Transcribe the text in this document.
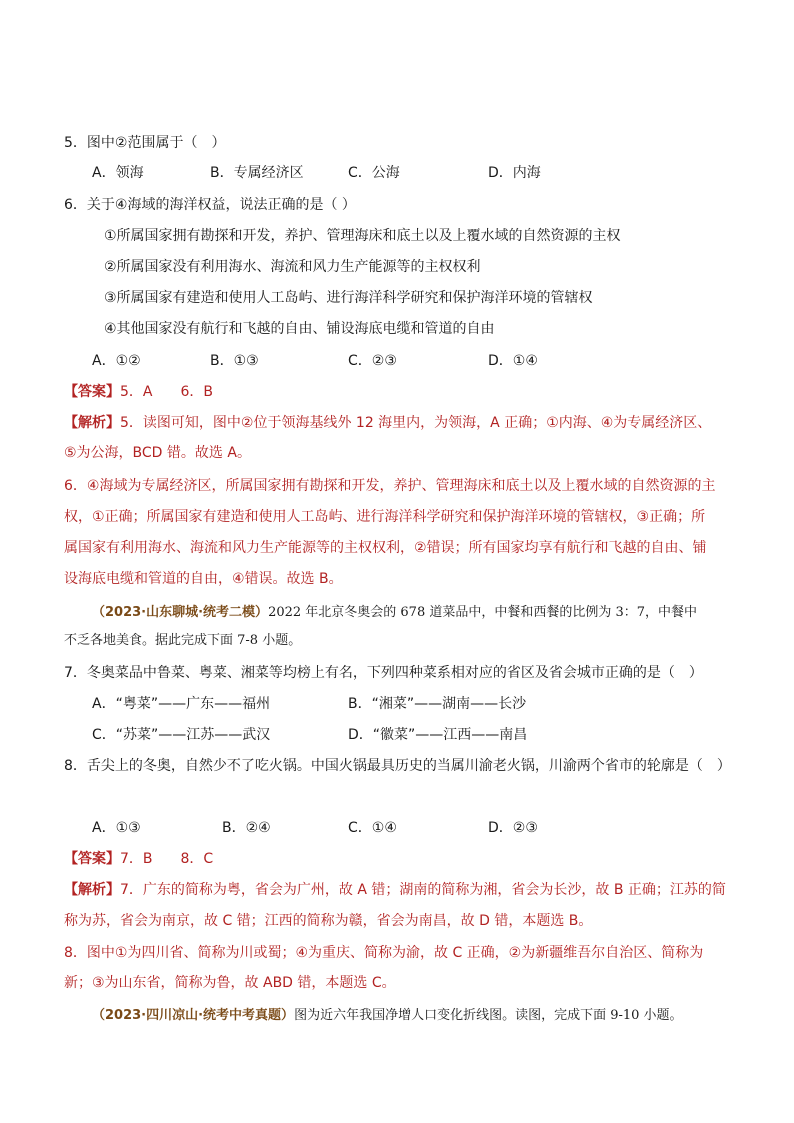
5．图中②范围属于（　）
A．领海	B．专属经济区	C．公海	D．内海
6．关于④海域的海洋权益，说法正确的是（ ）
①所属国家拥有勘探和开发，养护、管理海床和底土以及上覆水域的自然资源的主权
②所属国家没有利用海水、海流和风力生产能源等的主权权利
③所属国家有建造和使用人工岛屿、进行海洋科学研究和保护海洋环境的管辖权
④其他国家没有航行和飞越的自由、铺设海底电缆和管道的自由
A．①②	B．①③	C．②③	D．①④
【答案】5．A　　6．B
【解析】5．读图可知，图中②位于领海基线外 12 海里内，为领海，A 正确；①内海、④为专属经济区、
⑤为公海，BCD 错。故选 A。
6．④海域为专属经济区，所属国家拥有勘探和开发，养护、管理海床和底土以及上覆水域的自然资源的主
权，①正确；所属国家有建造和使用人工岛屿、进行海洋科学研究和保护海洋环境的管辖权，③正确；所
属国家有利用海水、海流和风力生产能源等的主权权利，②错误；所有国家均享有航行和飞越的自由、铺
设海底电缆和管道的自由，④错误。故选 B。
（2023·山东聊城·统考二模）2022 年北京冬奥会的 678 道菜品中，中餐和西餐的比例为 3：7，中餐中
不乏各地美食。据此完成下面 7-8 小题。
7．冬奥菜品中鲁菜、粤菜、湘菜等均榜上有名，下列四种菜系相对应的省区及省会城市正确的是（　）
A．“粤菜”——广东——福州	B．“湘菜”——湖南——长沙
C．“苏菜”——江苏——武汉	D．“徽菜”——江西——南昌
8．舌尖上的冬奥，自然少不了吃火锅。中国火锅最具历史的当属川渝老火锅，川渝两个省市的轮廓是（　）
A．①③	B．②④	C．①④	D．②③
【答案】7．B　　8．C
【解析】7．广东的简称为粤，省会为广州，故 A 错；湖南的简称为湘，省会为长沙，故 B 正确；江苏的简
称为苏，省会为南京，故 C 错；江西的简称为赣，省会为南昌，故 D 错，本题选 B。
8．图中①为四川省、简称为川或蜀；④为重庆、简称为渝，故 C 正确，②为新疆维吾尔自治区、简称为
新；③为山东省，简称为鲁，故 ABD 错，本题选 C。
（2023·四川凉山·统考中考真题）图为近六年我国净增人口变化折线图。读图，完成下面 9-10 小题。
